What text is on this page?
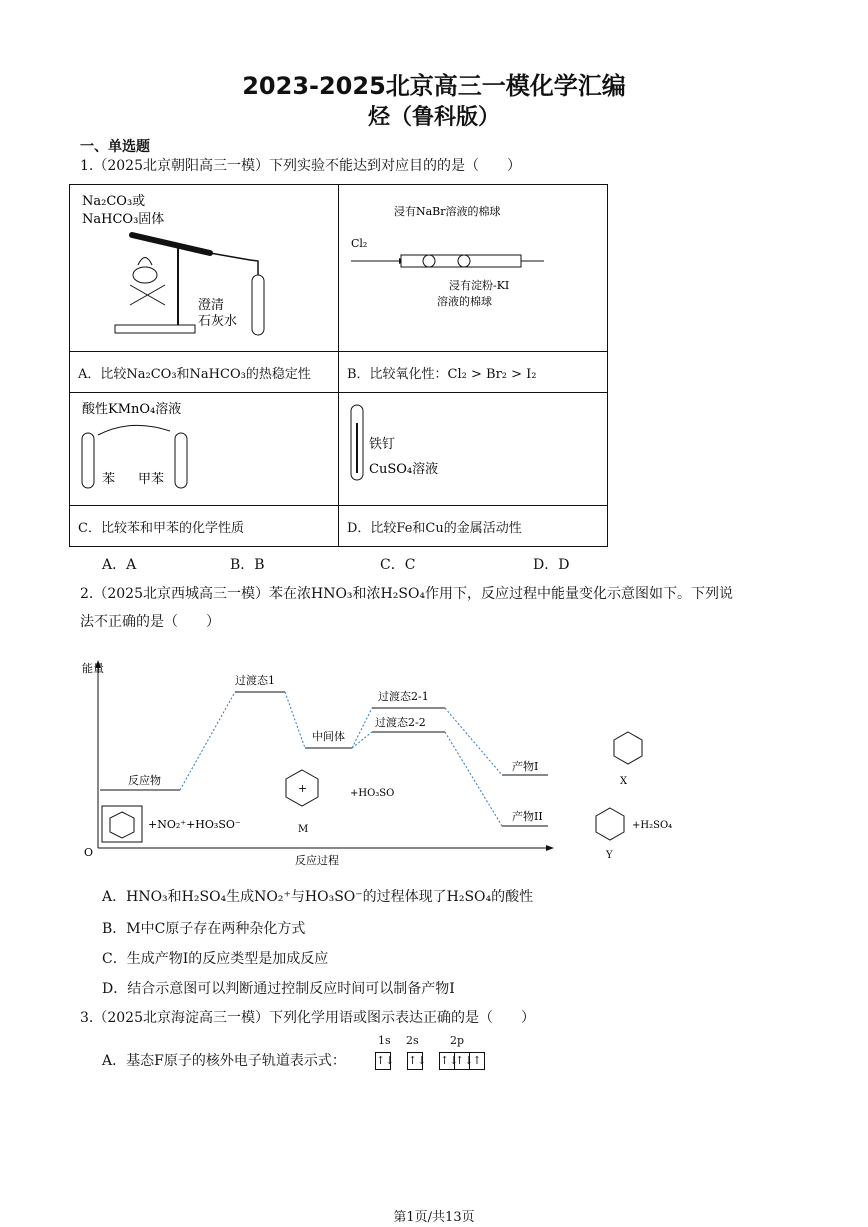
2023-2025北京高三一模化学汇编
烃（鲁科版）
一、单选题
1.（2025北京朝阳高三一模）下列实验不能达到对应目的的是（　　）
Na₂CO₃或
NaHCO₃固体
澄清
石灰水	浸有NaBr溶液的棉球
Cl₂
浸有淀粉-KI
溶液的棉球

A．比较Na₂CO₃和NaHCO₃的热稳定性	B．比较氧化性：Cl₂ > Br₂ > I₂

酸性KMnO₄溶液
苯 甲苯	铁钉
CuSO₄溶液

C．比较苯和甲苯的化学性质	D．比较Fe和Cu的金属活动性
A．A	B．B	C．C	D．D
2.（2025北京西城高三一模）苯在浓HNO₃和浓H₂SO₄作用下，反应过程中能量变化示意图如下。下列说
法不正确的是（　　）
能量
O
反应过程
过渡态1
中间体
过渡态2-1
过渡态2-2
反应物
产物I
产物II
+NO₂⁺+HO₃SO⁻
+
M
+HO₃SO
X
Y
+H₂SO₄
A．HNO₃和H₂SO₄生成NO₂⁺与HO₃SO⁻的过程体现了H₂SO₄的酸性
B．M中C原子存在两种杂化方式
C．生成产物I的反应类型是加成反应
D．结合示意图可以判断通过控制反应时间可以制备产物I
3.（2025北京海淀高三一模）下列化学用语或图示表达正确的是（　　）
A．基态F原子的核外电子轨道表示式：
1s 2s	2p
↑↓ ↑↓ ↑↓↑↓↑
第1页/共13页
